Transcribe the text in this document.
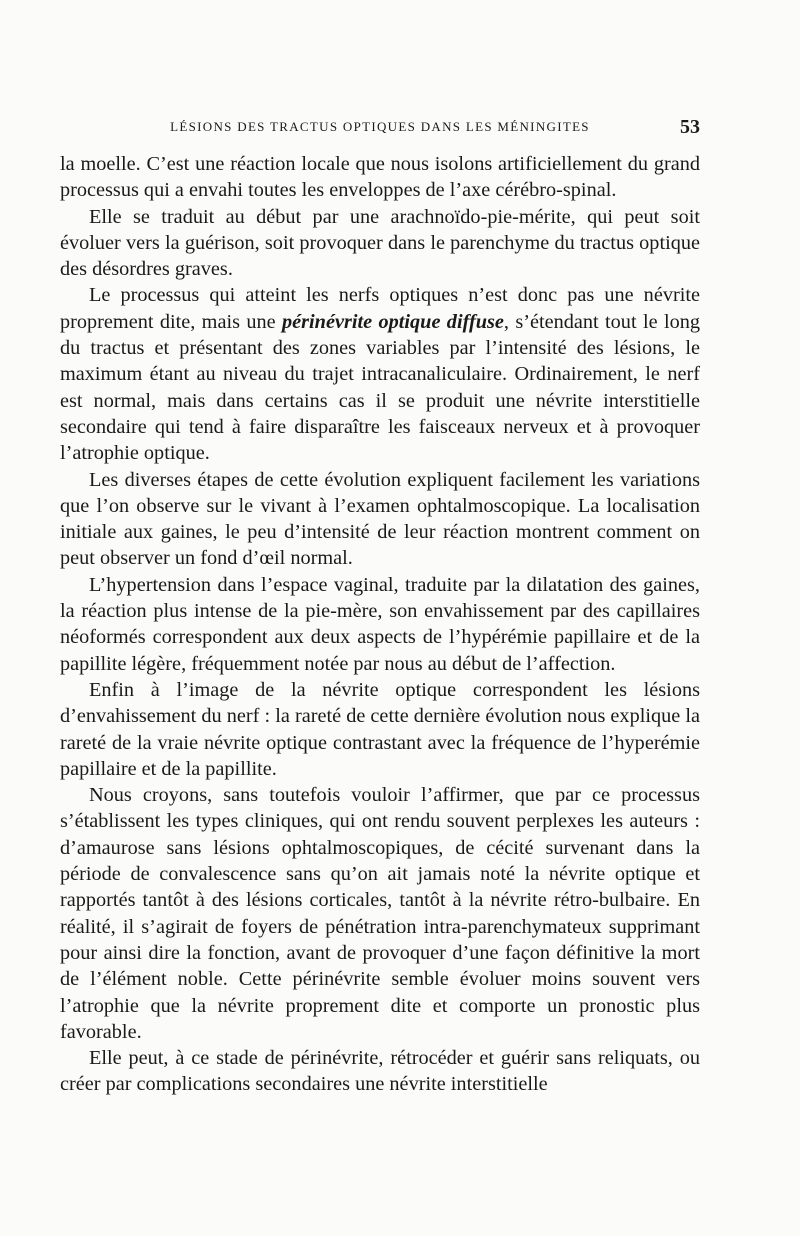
LÉSIONS DES TRACTUS OPTIQUES DANS LES MÉNINGITES	53

la moelle. C’est une réaction locale que nous isolons artificiellement du grand processus qui a envahi toutes les enveloppes de l’axe cérébro-spinal.

Elle se traduit au début par une arachnoïdo-pie-mérite, qui peut soit évoluer vers la guérison, soit provoquer dans le parenchyme du tractus optique des désordres graves.

Le processus qui atteint les nerfs optiques n’est donc pas une névrite proprement dite, mais une périnévrite optique diffuse, s’étendant tout le long du tractus et présentant des zones variables par l’intensité des lésions, le maximum étant au niveau du trajet intracanaliculaire. Ordinairement, le nerf est normal, mais dans certains cas il se produit une névrite interstitielle secondaire qui tend à faire disparaître les faisceaux nerveux et à provoquer l’atrophie optique.

Les diverses étapes de cette évolution expliquent facilement les variations que l’on observe sur le vivant à l’examen ophtalmoscopique. La localisation initiale aux gaines, le peu d’intensité de leur réaction montrent comment on peut observer un fond d’œil normal.

L’hypertension dans l’espace vaginal, traduite par la dilatation des gaines, la réaction plus intense de la pie-mère, son envahissement par des capillaires néoformés correspondent aux deux aspects de l’hypérémie papillaire et de la papillite légère, fréquemment notée par nous au début de l’affection.

Enfin à l’image de la névrite optique correspondent les lésions d’envahissement du nerf : la rareté de cette dernière évolution nous explique la rareté de la vraie névrite optique contrastant avec la fréquence de l’hyperémie papillaire et de la papillite.

Nous croyons, sans toutefois vouloir l’affirmer, que par ce processus s’établissent les types cliniques, qui ont rendu souvent perplexes les auteurs : d’amaurose sans lésions ophtalmoscopiques, de cécité survenant dans la période de convalescence sans qu’on ait jamais noté la névrite optique et rapportés tantôt à des lésions corticales, tantôt à la névrite rétro-bulbaire. En réalité, il s’agirait de foyers de pénétration intra-parenchymateux supprimant pour ainsi dire la fonction, avant de provoquer d’une façon définitive la mort de l’élément noble. Cette périnévrite semble évoluer moins souvent vers l’atrophie que la névrite proprement dite et comporte un pronostic plus favorable.

Elle peut, à ce stade de périnévrite, rétrocéder et guérir sans reliquats, ou créer par complications secondaires une névrite interstitielle
